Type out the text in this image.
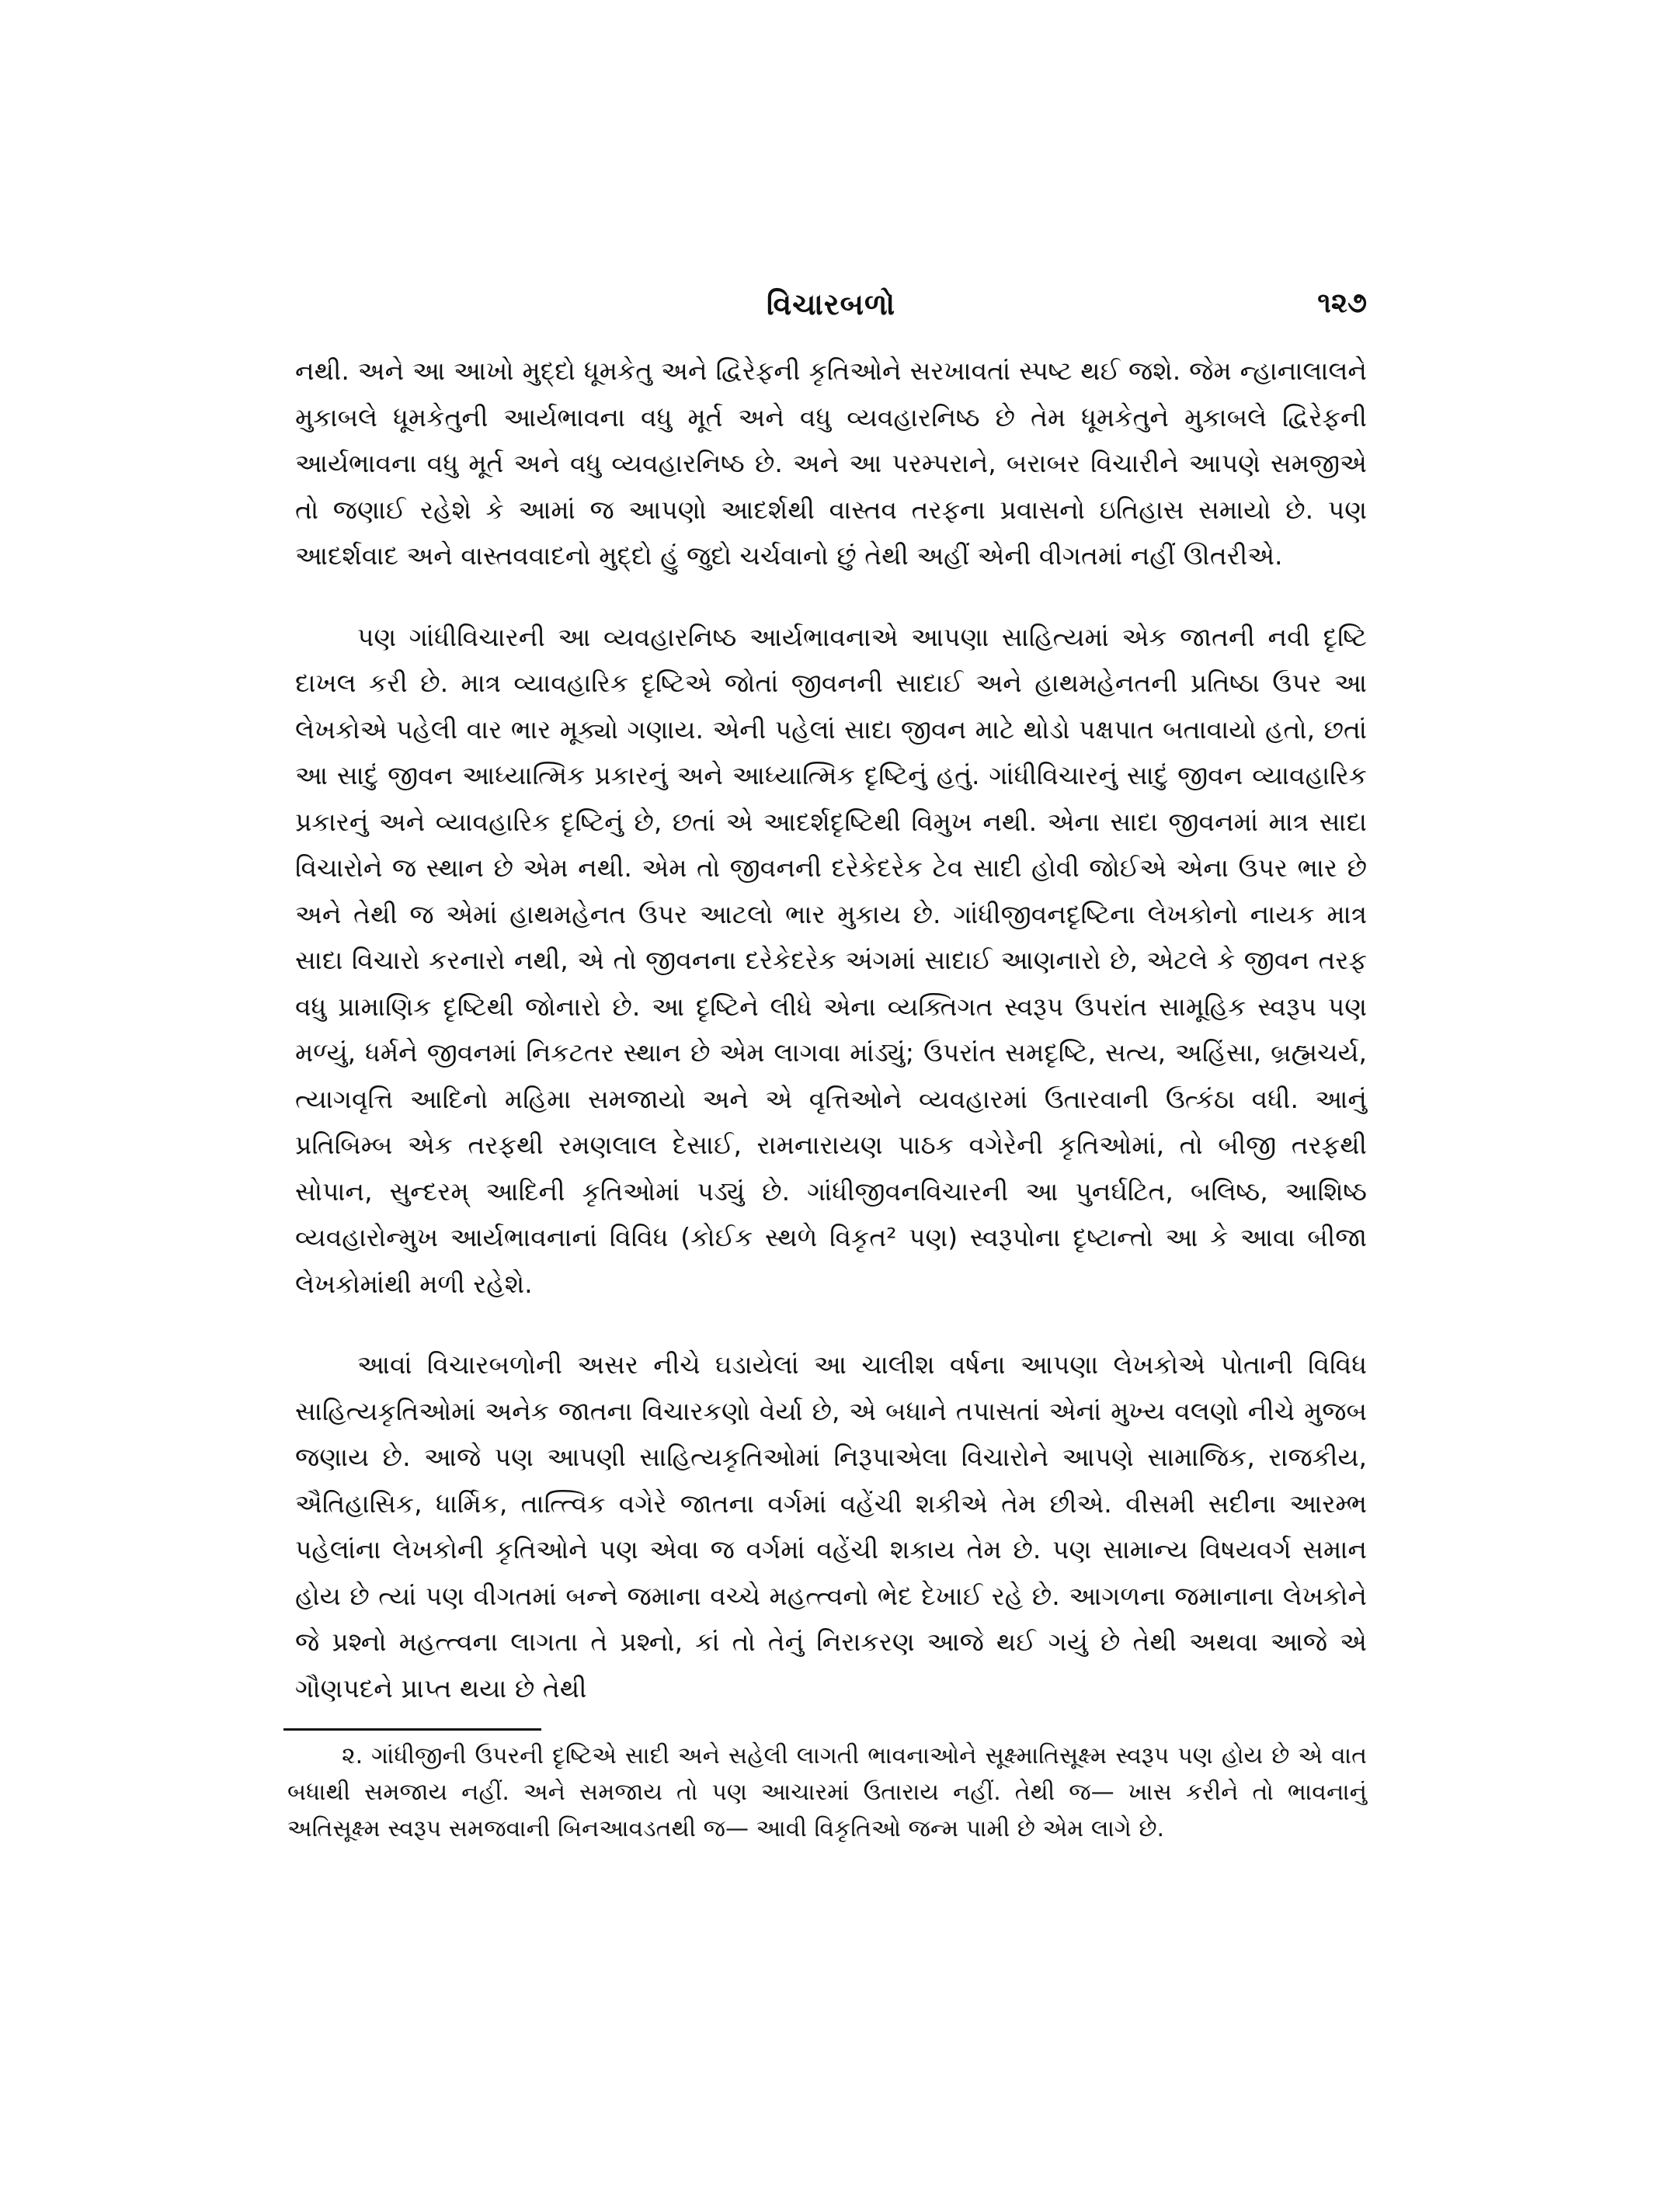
વિચારબળો	૧૨૭

નથી. અને આ આખો મુદ્દો ધૂમકેતુ અને દ્વિરેફની કૃતિઓને સરખાવતાં સ્પષ્ટ થઈ જશે. જેમ ન્હાનાલાલને મુકાબલે ધૂમકેતુની આર્યભાવના વધુ મૂર્ત અને વધુ વ્યવહારનિષ્ઠ છે તેમ ધૂમકેતુને મુકાબલે દ્વિરેફની આર્યભાવના વધુ મૂર્ત અને વધુ વ્યવહારનિષ્ઠ છે. અને આ પરમ્પરાને, બરાબર વિચારીને આપણે સમજીએ તો જણાઈ રહેશે કે આમાં જ આપણો આદર્શથી વાસ્તવ તરફના પ્રવાસનો ઇતિહાસ સમાયો છે. પણ આદર્શવાદ અને વાસ્તવવાદનો મુદ્દો હું જુદો ચર્ચવાનો છું તેથી અહીં એની વીગતમાં નહીં ઊતરીએ.

પણ ગાંધીવિચારની આ વ્યવહારનિષ્ઠ આર્યભાવનાએ આપણા સાહિત્યમાં એક જાતની નવી દૃષ્ટિ દાખલ કરી છે. માત્ર વ્યાવહારિક દૃષ્ટિએ જોતાં જીવનની સાદાઈ અને હાથમહેનતની પ્રતિષ્ઠા ઉપર આ લેખકોએ પહેલી વાર ભાર મૂક્યો ગણાય. એની પહેલાં સાદા જીવન માટે થોડો પક્ષપાત બતાવાયો હતો, છતાં આ સાદું જીવન આધ્યાત્મિક પ્રકારનું અને આધ્યાત્મિક દૃષ્ટિનું હતું. ગાંધીવિચારનું સાદું જીવન વ્યાવહારિક પ્રકારનું અને વ્યાવહારિક દૃષ્ટિનું છે, છતાં એ આદર્શદૃષ્ટિથી વિમુખ નથી. એના સાદા જીવનમાં માત્ર સાદા વિચારોને જ સ્થાન છે એમ નથી. એમ તો જીવનની દરેકેદરેક ટેવ સાદી હોવી જોઈએ એના ઉપર ભાર છે અને તેથી જ એમાં હાથમહેનત ઉપર આટલો ભાર મુકાય છે. ગાંધીજીવનદૃષ્ટિના લેખકોનો નાયક માત્ર સાદા વિચારો કરનારો નથી, એ તો જીવનના દરેકેદરેક અંગમાં સાદાઈ આણનારો છે, એટલે કે જીવન તરફ વધુ પ્રામાણિક દૃષ્ટિથી જોનારો છે. આ દૃષ્ટિને લીધે એના વ્યક્તિગત સ્વરૂપ ઉપરાંત સામૂહિક સ્વરૂપ પણ મળ્યું, ધર્મને જીવનમાં નિકટતર સ્થાન છે એમ લાગવા માંડ્યું; ઉપરાંત સમદૃષ્ટિ, સત્ય, અહિંસા, બ્રહ્મચર્ય, ત્યાગવૃત્તિ આદિનો મહિમા સમજાયો અને એ વૃત્તિઓને વ્યવહારમાં ઉતારવાની ઉત્કંઠા વધી. આનું પ્રતિબિમ્બ એક તરફથી રમણલાલ દેસાઈ, રામનારાયણ પાઠક વગેરેની કૃતિઓમાં, તો બીજી તરફથી સોપાન, સુન્દરમ્ આદિની કૃતિઓમાં પડ્યું છે. ગાંધીજીવનવિચારની આ પુનર્ઘટિત, બલિષ્ઠ, આશિષ્ઠ વ્યવહારોન્મુખ આર્યભાવનાનાં વિવિધ (કોઈક સ્થળે વિકૃત² પણ) સ્વરૂપોના દૃષ્ટાન્તો આ કે આવા બીજા લેખકોમાંથી મળી રહેશે.

આવાં વિચારબળોની અસર નીચે ઘડાયેલાં આ ચાલીશ વર્ષના આપણા લેખકોએ પોતાની વિવિધ સાહિત્યકૃતિઓમાં અનેક જાતના વિચારકણો વેર્યા છે, એ બધાને તપાસતાં એનાં મુખ્ય વલણો નીચે મુજબ જણાય છે. આજે પણ આપણી સાહિત્યકૃતિઓમાં નિરૂપાએલા વિચારોને આપણે સામાજિક, રાજકીય, ઐતિહાસિક, ધાર્મિક, તાત્ત્વિક વગેરે જાતના વર્ગમાં વહેંચી શકીએ તેમ છીએ. વીસમી સદીના આરમ્ભ પહેલાંના લેખકોની કૃતિઓને પણ એવા જ વર્ગમાં વહેંચી શકાય તેમ છે. પણ સામાન્ય વિષયવર્ગ સમાન હોય છે ત્યાં પણ વીગતમાં બન્ને જમાના વચ્ચે મહત્ત્વનો ભેદ દેખાઈ રહે છે. આગળના જમાનાના લેખકોને જે પ્રશ્નો મહત્ત્વના લાગતા તે પ્રશ્નો, કાં તો તેનું નિરાકરણ આજે થઈ ગયું છે તેથી અથવા આજે એ ગૌણપદને પ્રાપ્ત થયા છે તેથી

૨. ગાંધીજીની ઉપરની દૃષ્ટિએ સાદી અને સહેલી લાગતી ભાવનાઓને સૂક્ષ્માતિસૂક્ષ્મ સ્વરૂપ પણ હોય છે એ વાત બધાથી સમજાય નહીં. અને સમજાય તો પણ આચારમાં ઉતારાય નહીં. તેથી જ— ખાસ કરીને તો ભાવનાનું અતિસૂક્ષ્મ સ્વરૂપ સમજવાની બિનઆવડતથી જ— આવી વિકૃતિઓ જન્મ પામી છે એમ લાગે છે.
